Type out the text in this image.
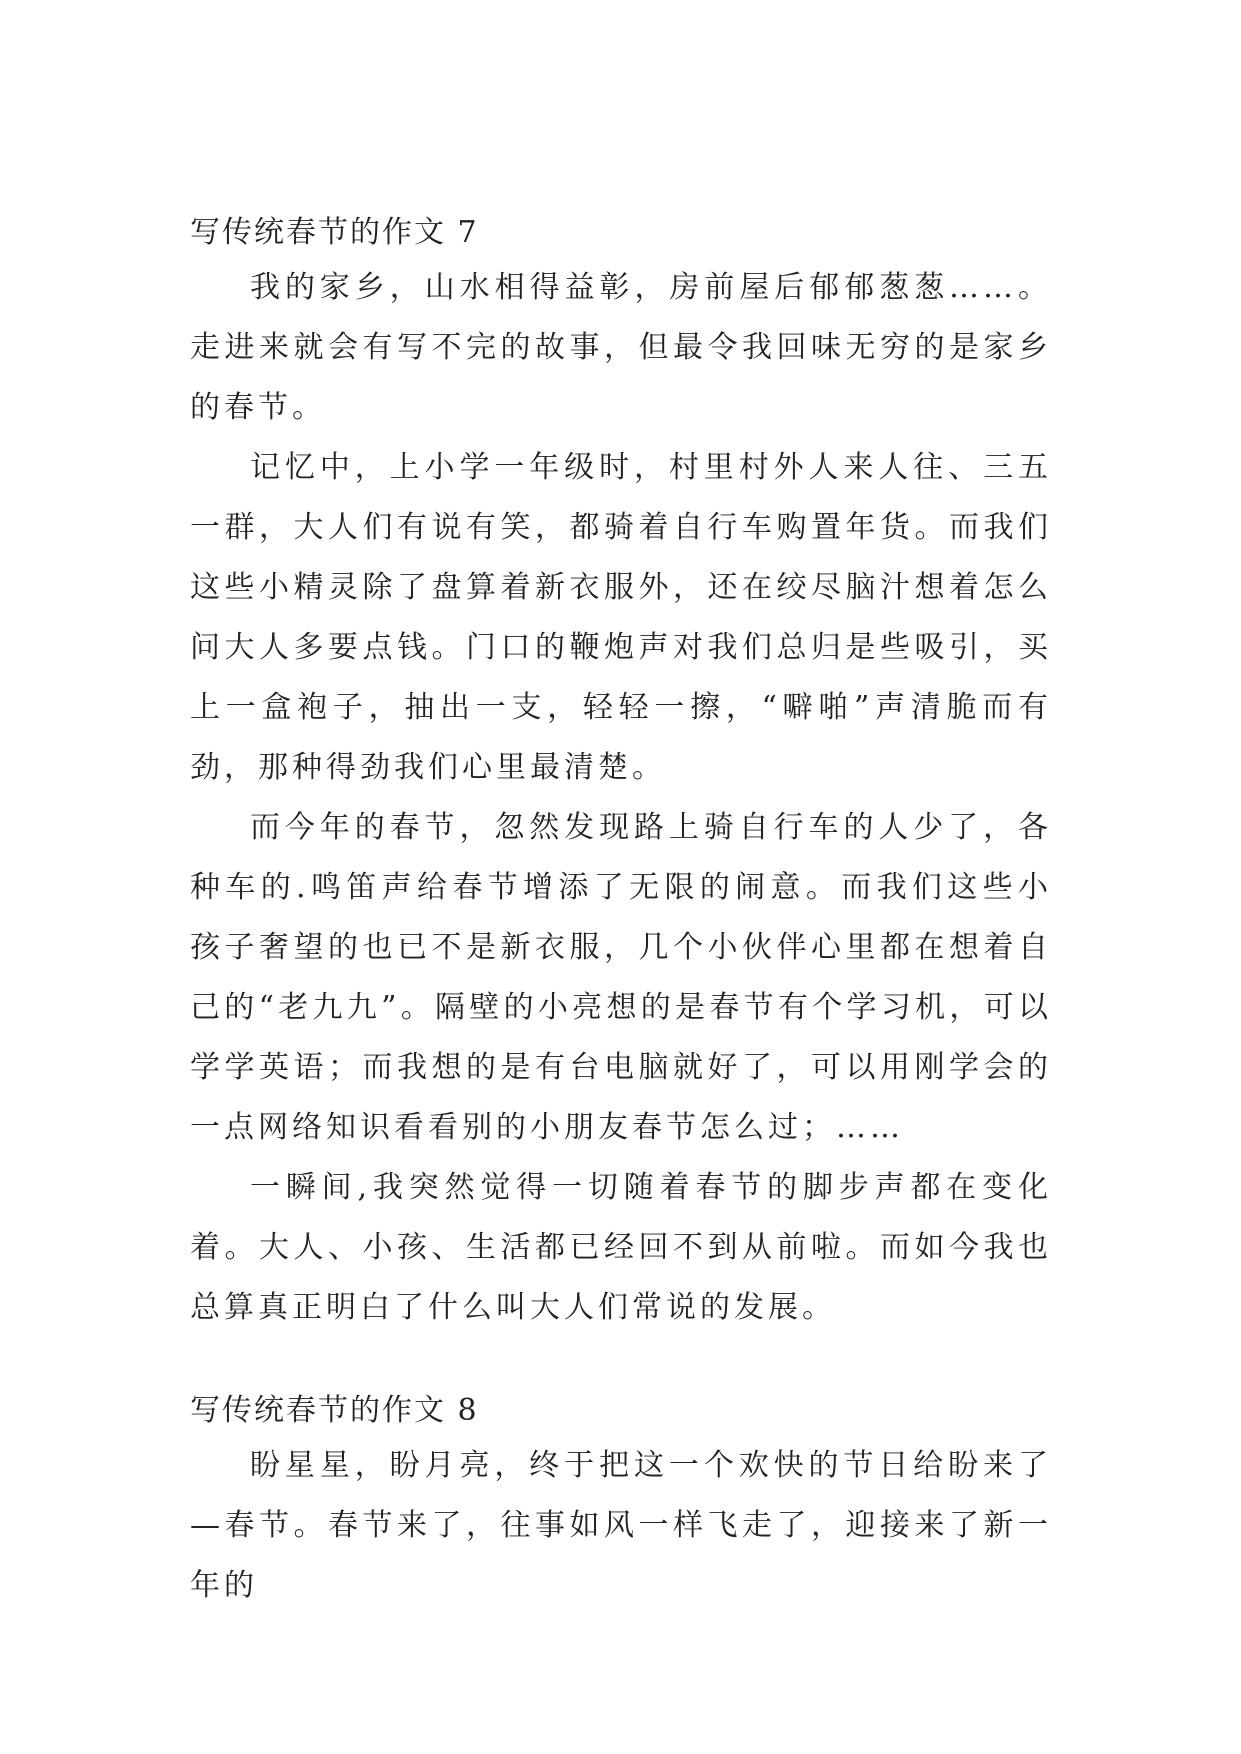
写传统春节的作文 7

我的家乡，山水相得益彰，房前屋后郁郁葱葱……。走进来就会有写不完的故事，但最令我回味无穷的是家乡的春节。

记忆中，上小学一年级时，村里村外人来人往、三五一群，大人们有说有笑，都骑着自行车购置年货。而我们这些小精灵除了盘算着新衣服外，还在绞尽脑汁想着怎么问大人多要点钱。门口的鞭炮声对我们总归是些吸引，买上一盒袍子，抽出一支，轻轻一擦，“噼啪”声清脆而有劲，那种得劲我们心里最清楚。

而今年的春节，忽然发现路上骑自行车的人少了，各种车的.鸣笛声给春节增添了无限的闹意。而我们这些小孩子奢望的也已不是新衣服，几个小伙伴心里都在想着自己的“老九九”。隔壁的小亮想的是春节有个学习机，可以学学英语；而我想的是有台电脑就好了，可以用刚学会的一点网络知识看看别的小朋友春节怎么过；……

一瞬间,我突然觉得一切随着春节的脚步声都在变化着。大人、小孩、生活都已经回不到从前啦。而如今我也总算真正明白了什么叫大人们常说的发展。

写传统春节的作文 8

盼星星，盼月亮，终于把这一个欢快的节日给盼来了—春节。春节来了，往事如风一样飞走了，迎接来了新一年的
